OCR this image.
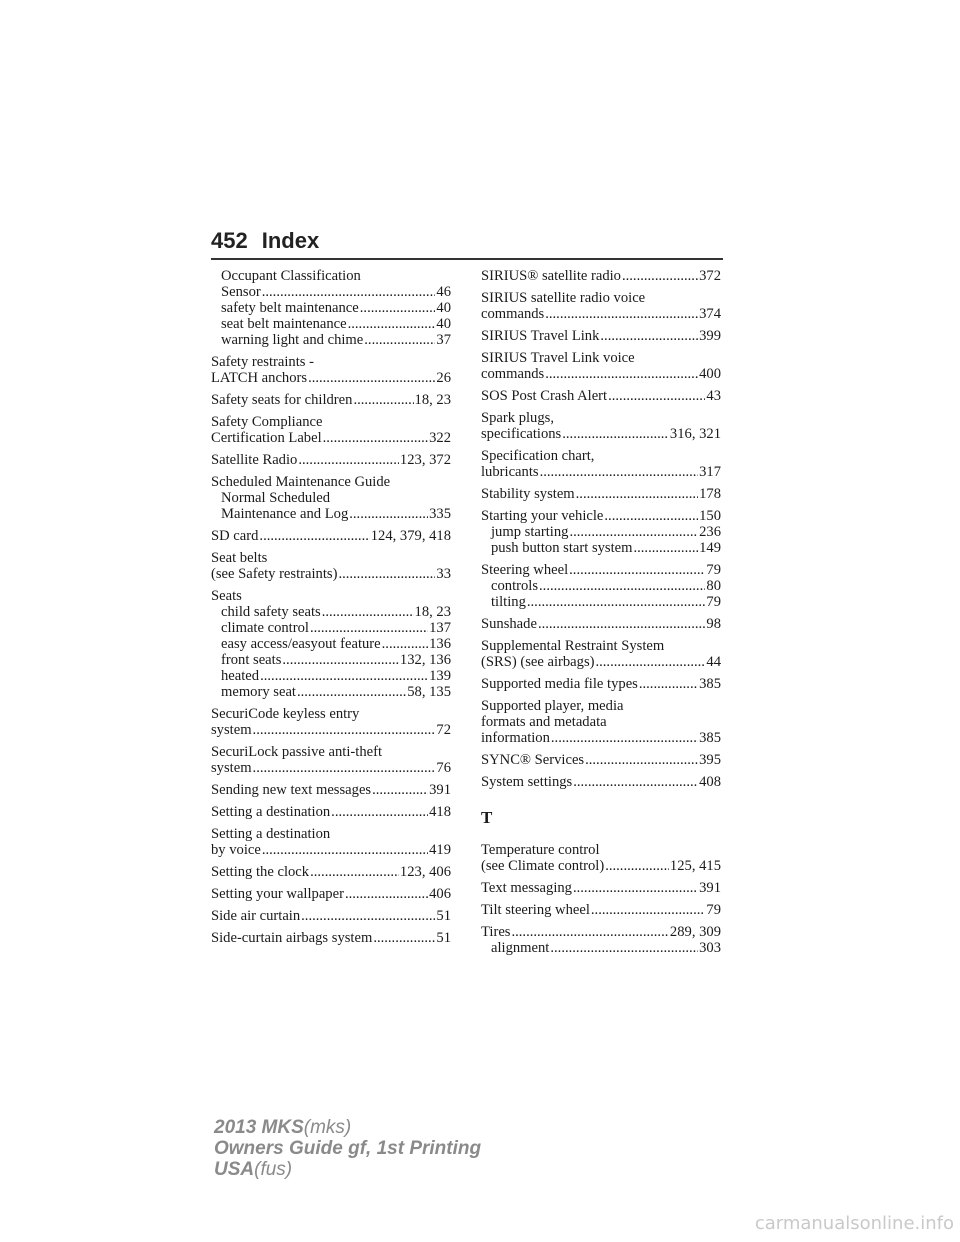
452 Index
Occupant Classification
Sensor .....	46
safety belt maintenance .....	40
seat belt maintenance .....	40
warning light and chime .....	37
Safety restraints -
LATCH anchors .....	26
Safety seats for children .....	18, 23
Safety Compliance
Certification Label .....	322
Satellite Radio .....	123, 372
Scheduled Maintenance Guide
Normal Scheduled
Maintenance and Log .....	335
SD card .....	124, 379, 418
Seat belts
(see Safety restraints) .....	33
Seats
child safety seats .....	18, 23
climate control .....	137
easy access/easyout feature .....	136
front seats .....	132, 136
heated .....	139
memory seat .....	58, 135
SecuriCode keyless entry
system .....	72
SecuriLock passive anti-theft
system .....	76
Sending new text messages .....	391
Setting a destination .....	418
Setting a destination
by voice .....	419
Setting the clock .....	123, 406
Setting your wallpaper .....	406
Side air curtain .....	51
Side-curtain airbags system .....	51
SIRIUS® satellite radio .....	372
SIRIUS satellite radio voice
commands .....	374
SIRIUS Travel Link .....	399
SIRIUS Travel Link voice
commands .....	400
SOS Post Crash Alert .....	43
Spark plugs,
specifications .....	316, 321
Specification chart,
lubricants .....	317
Stability system .....	178
Starting your vehicle .....	150
jump starting .....	236
push button start system .....	149
Steering wheel .....	79
controls .....	80
tilting .....	79
Sunshade .....	98
Supplemental Restraint System
(SRS) (see airbags) .....	44
Supported media file types .....	385
Supported player, media
formats and metadata
information .....	385
SYNC® Services .....	395
System settings .....	408
T
Temperature control
(see Climate control) .....	125, 415
Text messaging .....	391
Tilt steering wheel .....	79
Tires .....	289, 309
alignment .....	303
2013 MKS(mks)
Owners Guide gf, 1st Printing
USA(fus)
carmanualsonline.info
